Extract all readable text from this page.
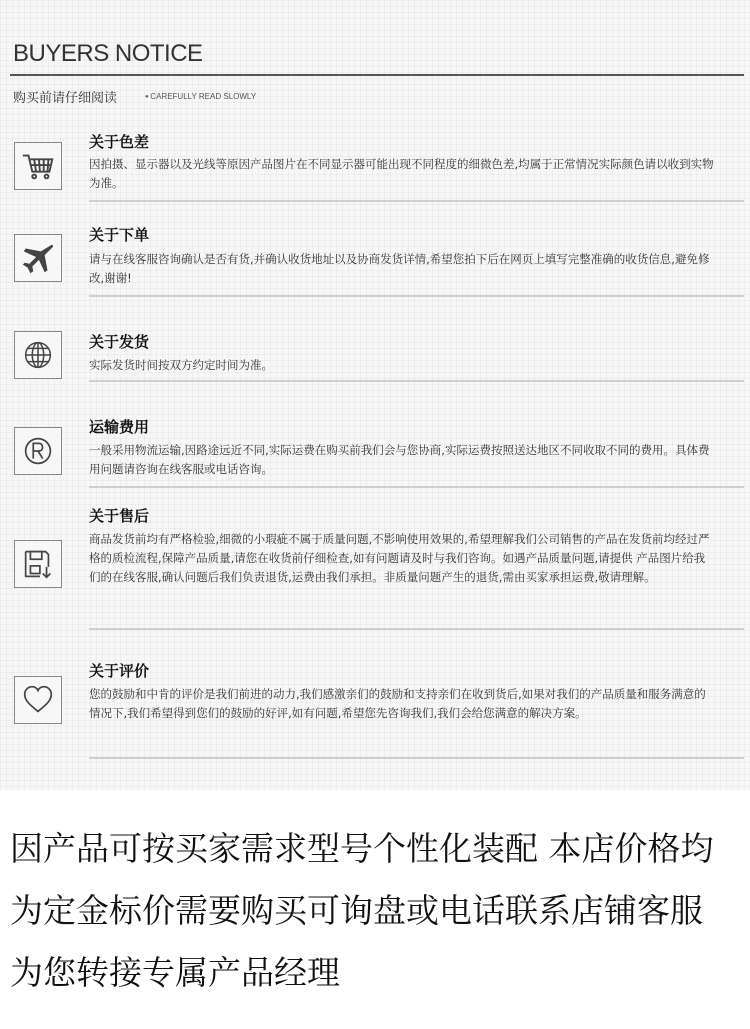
BUYERS NOTICE
购买前请仔细阅读
●	CAREFULLY READ SLOWLY
关于色差
因拍摄、显示器以及光线等原因产品图片在不同显示器可能出现不同程度的细微色差,均属于正常情况实际颜色请以收到实物为准。
关于下单
请与在线客服咨询确认是否有货,并确认收货地址以及协商发货详情,希望您拍下后在网页上填写完整准确的收货信息,避免修改,谢谢!
关于发货
实际发货时间按双方约定时间为准。
运输费用
一般采用物流运输,因路途远近不同,实际运费在购买前我们会与您协商,实际运费按照送达地区不同收取不同的费用。具体费用问题请咨询在线客服或电话咨询。
关于售后
商品发货前均有严格检验,细微的小瑕疵不属于质量问题,不影响使用效果的,希望理解我们公司销售的产品在发货前均经过严格的质检流程,保障产品质量,请您在收货前仔细检查,如有问题请及时与我们咨询。如遇产品质量问题,请提供 产品图片给我们的在线客服,确认问题后我们负责退货,运费由我们承担。非质量问题产生的退货,需由买家承担运费,敬请理解。
关于评价
您的鼓励和中肯的评价是我们前进的动力,我们感激亲们的鼓励和支持亲们在收到货后,如果对我们的产品质量和服务满意的情况下,我们希望得到您们的鼓励的好评,如有问题,希望您先咨询我们,我们会给您满意的解决方案。
因产品可按买家需求型号个性化装配 本店价格均为定金标价需要购买可询盘或电话联系店铺客服 为您转接专属产品经理
